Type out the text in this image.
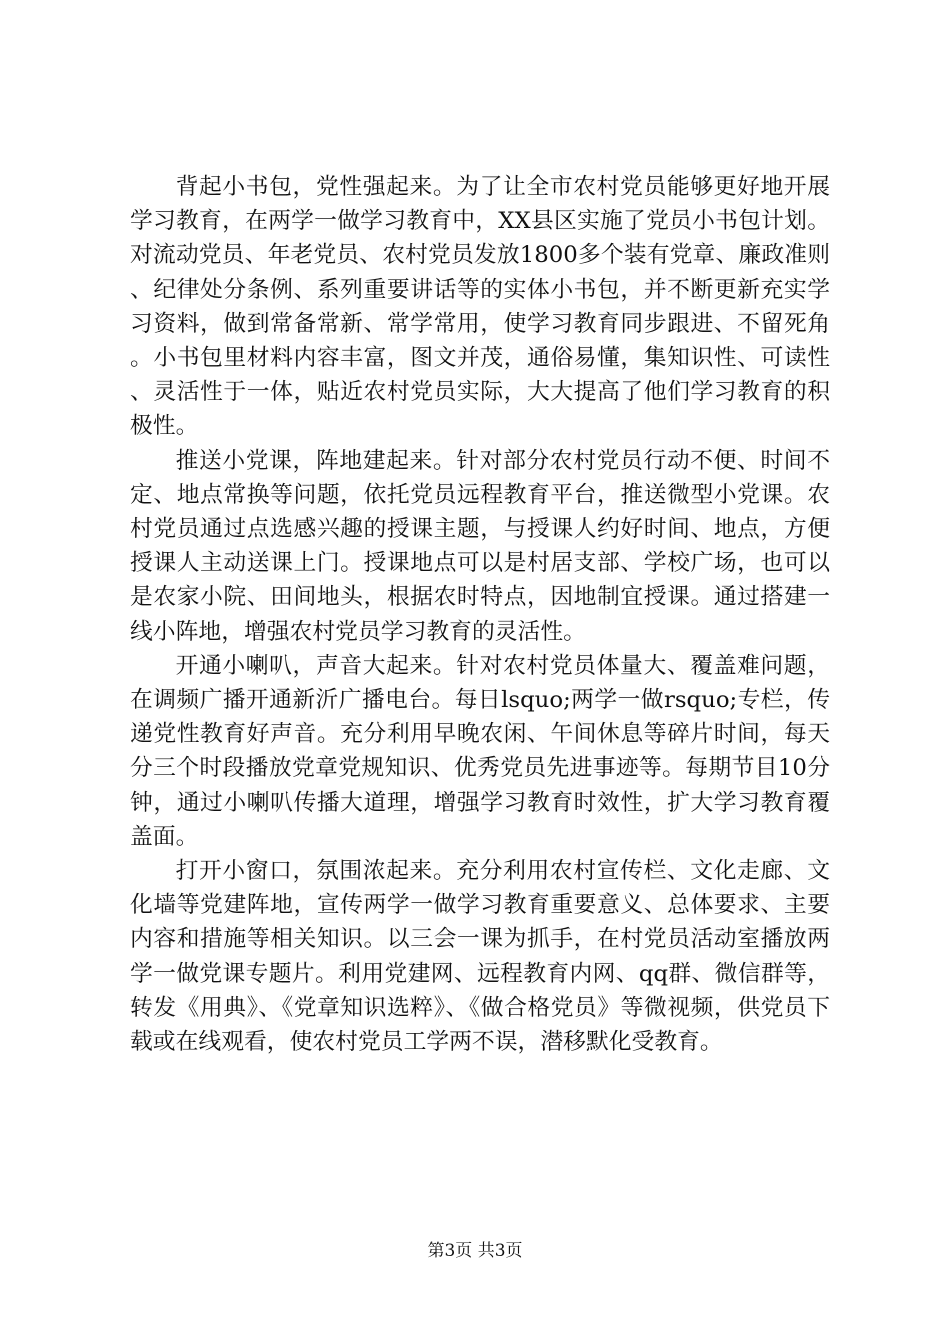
背起小书包，党性强起来。为了让全市农村党员能够更好地开展学习教育，在两学一做学习教育中，XX县区实施了党员小书包计划。对流动党员、年老党员、农村党员发放1800多个装有党章、廉政准则、纪律处分条例、系列重要讲话等的实体小书包，并不断更新充实学习资料，做到常备常新、常学常用，使学习教育同步跟进、不留死角。小书包里材料内容丰富，图文并茂，通俗易懂，集知识性、可读性、灵活性于一体，贴近农村党员实际，大大提高了他们学习教育的积极性。

推送小党课，阵地建起来。针对部分农村党员行动不便、时间不定、地点常换等问题，依托党员远程教育平台，推送微型小党课。农村党员通过点选感兴趣的授课主题，与授课人约好时间、地点，方便授课人主动送课上门。授课地点可以是村居支部、学校广场，也可以是农家小院、田间地头，根据农时特点，因地制宜授课。通过搭建一线小阵地，增强农村党员学习教育的灵活性。

开通小喇叭，声音大起来。针对农村党员体量大、覆盖难问题，在调频广播开通新沂广播电台。每日lsquo;两学一做rsquo;专栏，传递党性教育好声音。充分利用早晚农闲、午间休息等碎片时间，每天分三个时段播放党章党规知识、优秀党员先进事迹等。每期节目10分钟，通过小喇叭传播大道理，增强学习教育时效性，扩大学习教育覆盖面。

打开小窗口，氛围浓起来。充分利用农村宣传栏、文化走廊、文化墙等党建阵地，宣传两学一做学习教育重要意义、总体要求、主要内容和措施等相关知识。以三会一课为抓手，在村党员活动室播放两学一做党课专题片。利用党建网、远程教育内网、qq群、微信群等，转发《用典》、《党章知识选粹》、《做合格党员》等微视频，供党员下载或在线观看，使农村党员工学两不误，潜移默化受教育。

第3页 共3页
